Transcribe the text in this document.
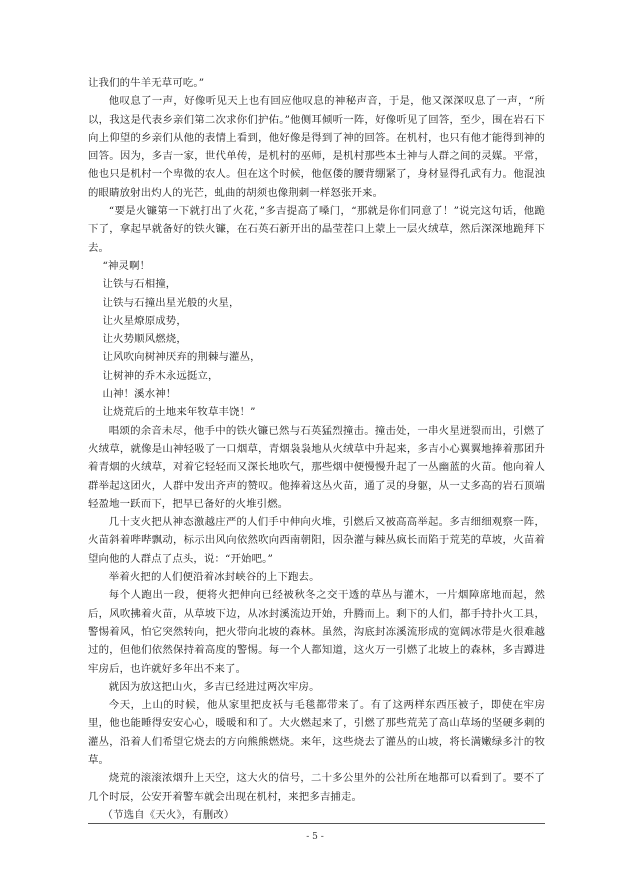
让我们的牛羊无草可吃。”

他叹息了一声，好像听见天上也有回应他叹息的神秘声音，于是，他又深深叹息了一声，“所以，我这是代表乡亲们第二次求你们护佑。”他侧耳倾听一阵，好像听见了回答，至少，围在岩石下向上仰望的乡亲们从他的表情上看到，他好像是得到了神的回答。在机村，也只有他才能得到神的回答。因为，多吉一家，世代单传，是机村的巫师，是机村那些本土神与人群之间的灵媒。平常，他也只是机村一个卑微的农人。但在这个时候，他伛偻的腰背绷紧了，身材显得孔武有力。他混浊的眼睛放射出灼人的光芒，虬曲的胡须也像荆刺一样怒张开来。

“要是火镰第一下就打出了火花，”多吉提高了嗓门，“那就是你们同意了！”说完这句话，他跪下了，拿起早就备好的铁火镰，在石英石新开出的晶莹茬口上蒙上一层火绒草，然后深深地跪拜下去。

“神灵啊！

让铁与石相撞，

让铁与石撞出星光般的火星，

让火星燎原成势，

让火势顺风燃烧，

让风吹向树神厌弃的荆棘与灌丛，

让树神的乔木永远挺立，

山神！溪水神！

让烧荒后的土地来年牧草丰饶！”

唱颂的余音未尽，他手中的铁火镰已然与石英猛烈撞击。撞击处，一串火星迸裂而出，引燃了火绒草，就像是山神轻吸了一口烟草，青烟袅袅地从火绒草中升起来，多吉小心翼翼地捧着那团升着青烟的火绒草，对着它轻轻而又深长地吹气，那些烟中便慢慢升起了一丛幽蓝的火苗。他向着人群举起这团火，人群中发出齐声的赞叹。他捧着这丛火苗，通了灵的身躯，从一丈多高的岩石顶端轻盈地一跃而下，把早已备好的火堆引燃。

几十支火把从神态激越庄严的人们手中伸向火堆，引燃后又被高高举起。多吉细细观察一阵，火苗斜着哔哔飘动，标示出风向依然吹向西南朝阳，因杂灌与棘丛疯长而陷于荒芜的草坡，火苗着望向他的人群点了点头，说：“开始吧。”

举着火把的人们便沿着冰封峡谷的上下跑去。

每个人跑出一段，便将火把伸向已经被秋冬之交干透的草丛与灌木，一片烟障席地而起，然后，风吹拂着火苗，从草坡下边，从冰封溪流边开始，升腾而上。剩下的人们，都手持扑火工具，警惕着风，怕它突然转向，把火带向北坡的森林。虽然，沟底封冻溪流形成的宽阔冰带是火很难越过的，但他们依然保持着高度的警惕。每一个人都知道，这火万一引燃了北坡上的森林，多吉蹲进牢房后，也许就好多年出不来了。

就因为放这把山火，多吉已经进过两次牢房。

今天，上山的时候，他从家里把皮袄与毛毯都带来了。有了这两样东西压被子，即使在牢房里，他也能睡得安安心心，暖暖和和了。大火燃起来了，引燃了那些荒芜了高山草场的坚硬多刺的灌丛，沿着人们希望它烧去的方向熊熊燃烧。来年，这些烧去了灌丛的山坡，将长满嫩绿多汁的牧草。

烧荒的滚滚浓烟升上天空，这大火的信号，二十多公里外的公社所在地都可以看到了。要不了几个时辰，公安开着警车就会出现在机村，来把多吉捕走。

（节选自《天火》，有删改）

- 5 -
